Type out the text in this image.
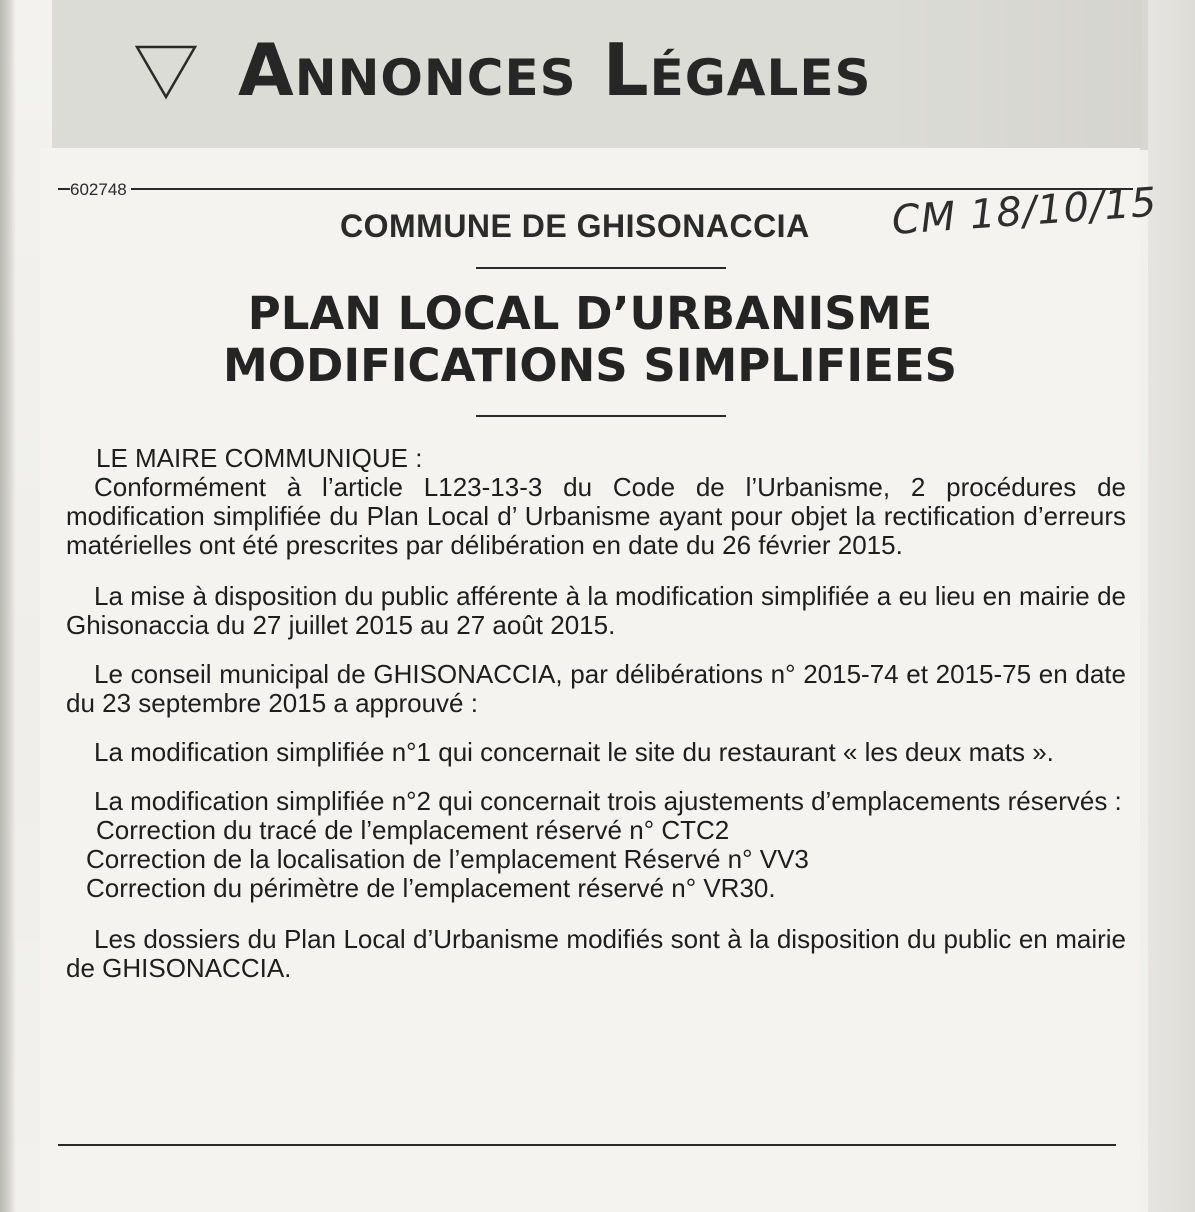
Annonces Légales
602748
COMMUNE DE GHISONACCIA CM 18/10/15
PLAN LOCAL D’URBANISME
MODIFICATIONS SIMPLIFIEES
LE MAIRE COMMUNIQUE :

Conformément à l’article L123-13-3 du Code de l’Urbanisme, 2 procédures de modification simplifiée du Plan Local d’ Urbanisme ayant pour objet la rectification d’erreurs matérielles ont été prescrites par délibération en date du 26 février 2015.

La mise à disposition du public afférente à la modification simplifiée a eu lieu en mairie de Ghisonaccia du 27 juillet 2015 au 27 août 2015.

Le conseil municipal de GHISONACCIA, par délibérations n° 2015-74 et 2015-75 en date du 23 septembre 2015 a approuvé :

La modification simplifiée n°1 qui concernait le site du restaurant « les deux mats ».

La modification simplifiée n°2 qui concernait trois ajustements d’emplacements réservés :

Correction du tracé de l’emplacement réservé n° CTC2
Correction de la localisation de l’emplacement Réservé n° VV3
Correction du périmètre de l’emplacement réservé n° VR30.

Les dossiers du Plan Local d’Urbanisme modifiés sont à la disposition du public en mairie de GHISONACCIA.
